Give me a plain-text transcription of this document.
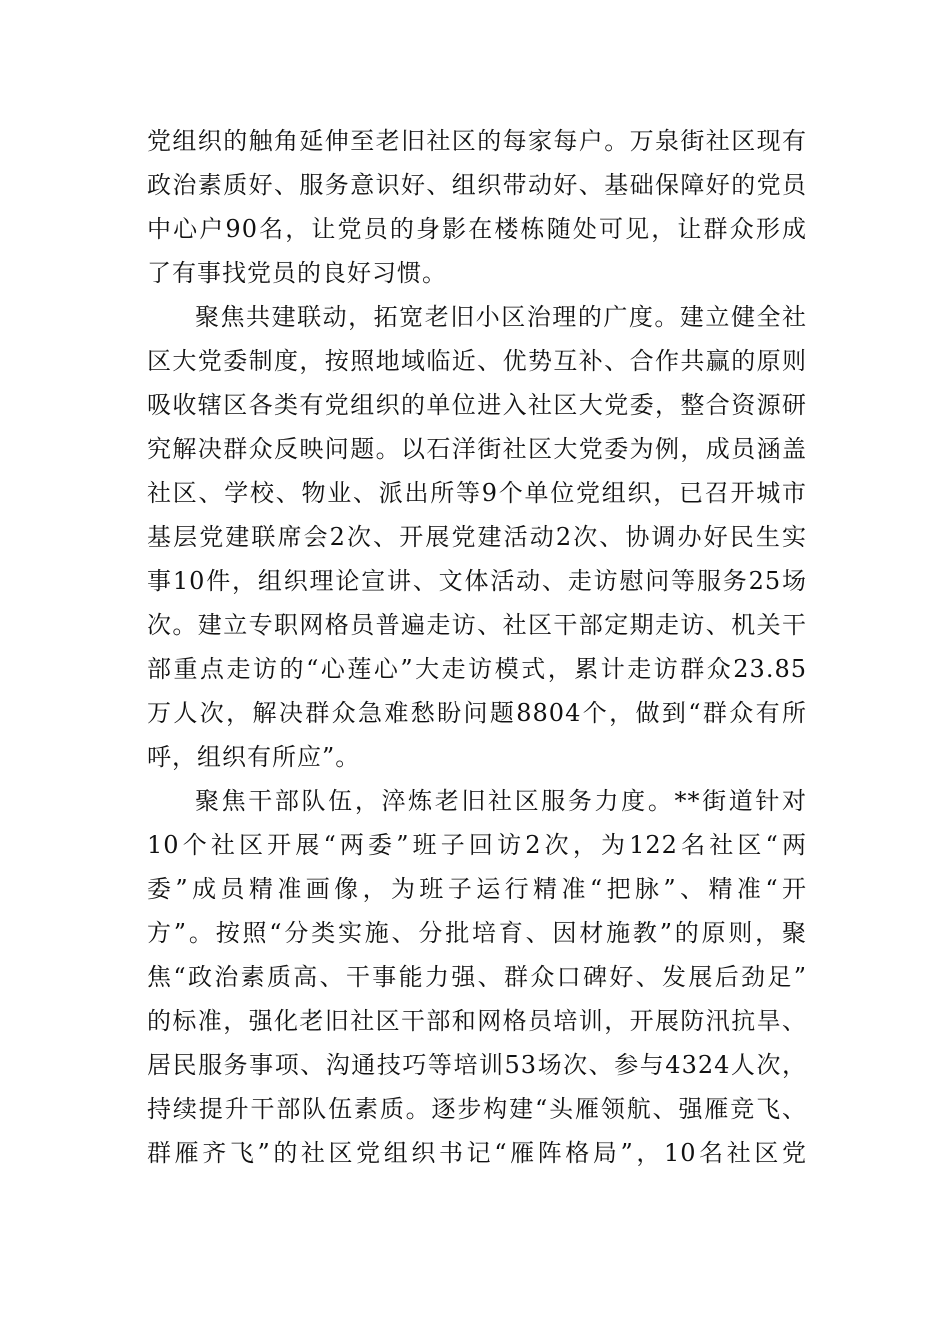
党组织的触角延伸至老旧社区的每家每户。万泉街社区现有
政治素质好、服务意识好、组织带动好、基础保障好的党员
中心户90名，让党员的身影在楼栋随处可见，让群众形成
了有事找党员的良好习惯。
聚焦共建联动，拓宽老旧小区治理的广度。建立健全社
区大党委制度，按照地域临近、优势互补、合作共赢的原则
吸收辖区各类有党组织的单位进入社区大党委，整合资源研
究解决群众反映问题。以石洋街社区大党委为例，成员涵盖
社区、学校、物业、派出所等9个单位党组织，已召开城市
基层党建联席会2次、开展党建活动2次、协调办好民生实
事10件，组织理论宣讲、文体活动、走访慰问等服务25场
次。建立专职网格员普遍走访、社区干部定期走访、机关干
部重点走访的“心莲心”大走访模式，累计走访群众23.85
万人次，解决群众急难愁盼问题8804个，做到“群众有所
呼，组织有所应”。
聚焦干部队伍，淬炼老旧社区服务力度。**街道针对
10个社区开展“两委”班子回访2次，为122名社区“两
委”成员精准画像，为班子运行精准“把脉”、精准“开
方”。按照“分类实施、分批培育、因材施教”的原则，聚
焦“政治素质高、干事能力强、群众口碑好、发展后劲足”
的标准，强化老旧社区干部和网格员培训，开展防汛抗旱、
居民服务事项、沟通技巧等培训53场次、参与4324人次，
持续提升干部队伍素质。逐步构建“头雁领航、强雁竞飞、
群雁齐飞”的社区党组织书记“雁阵格局”，10名社区党
